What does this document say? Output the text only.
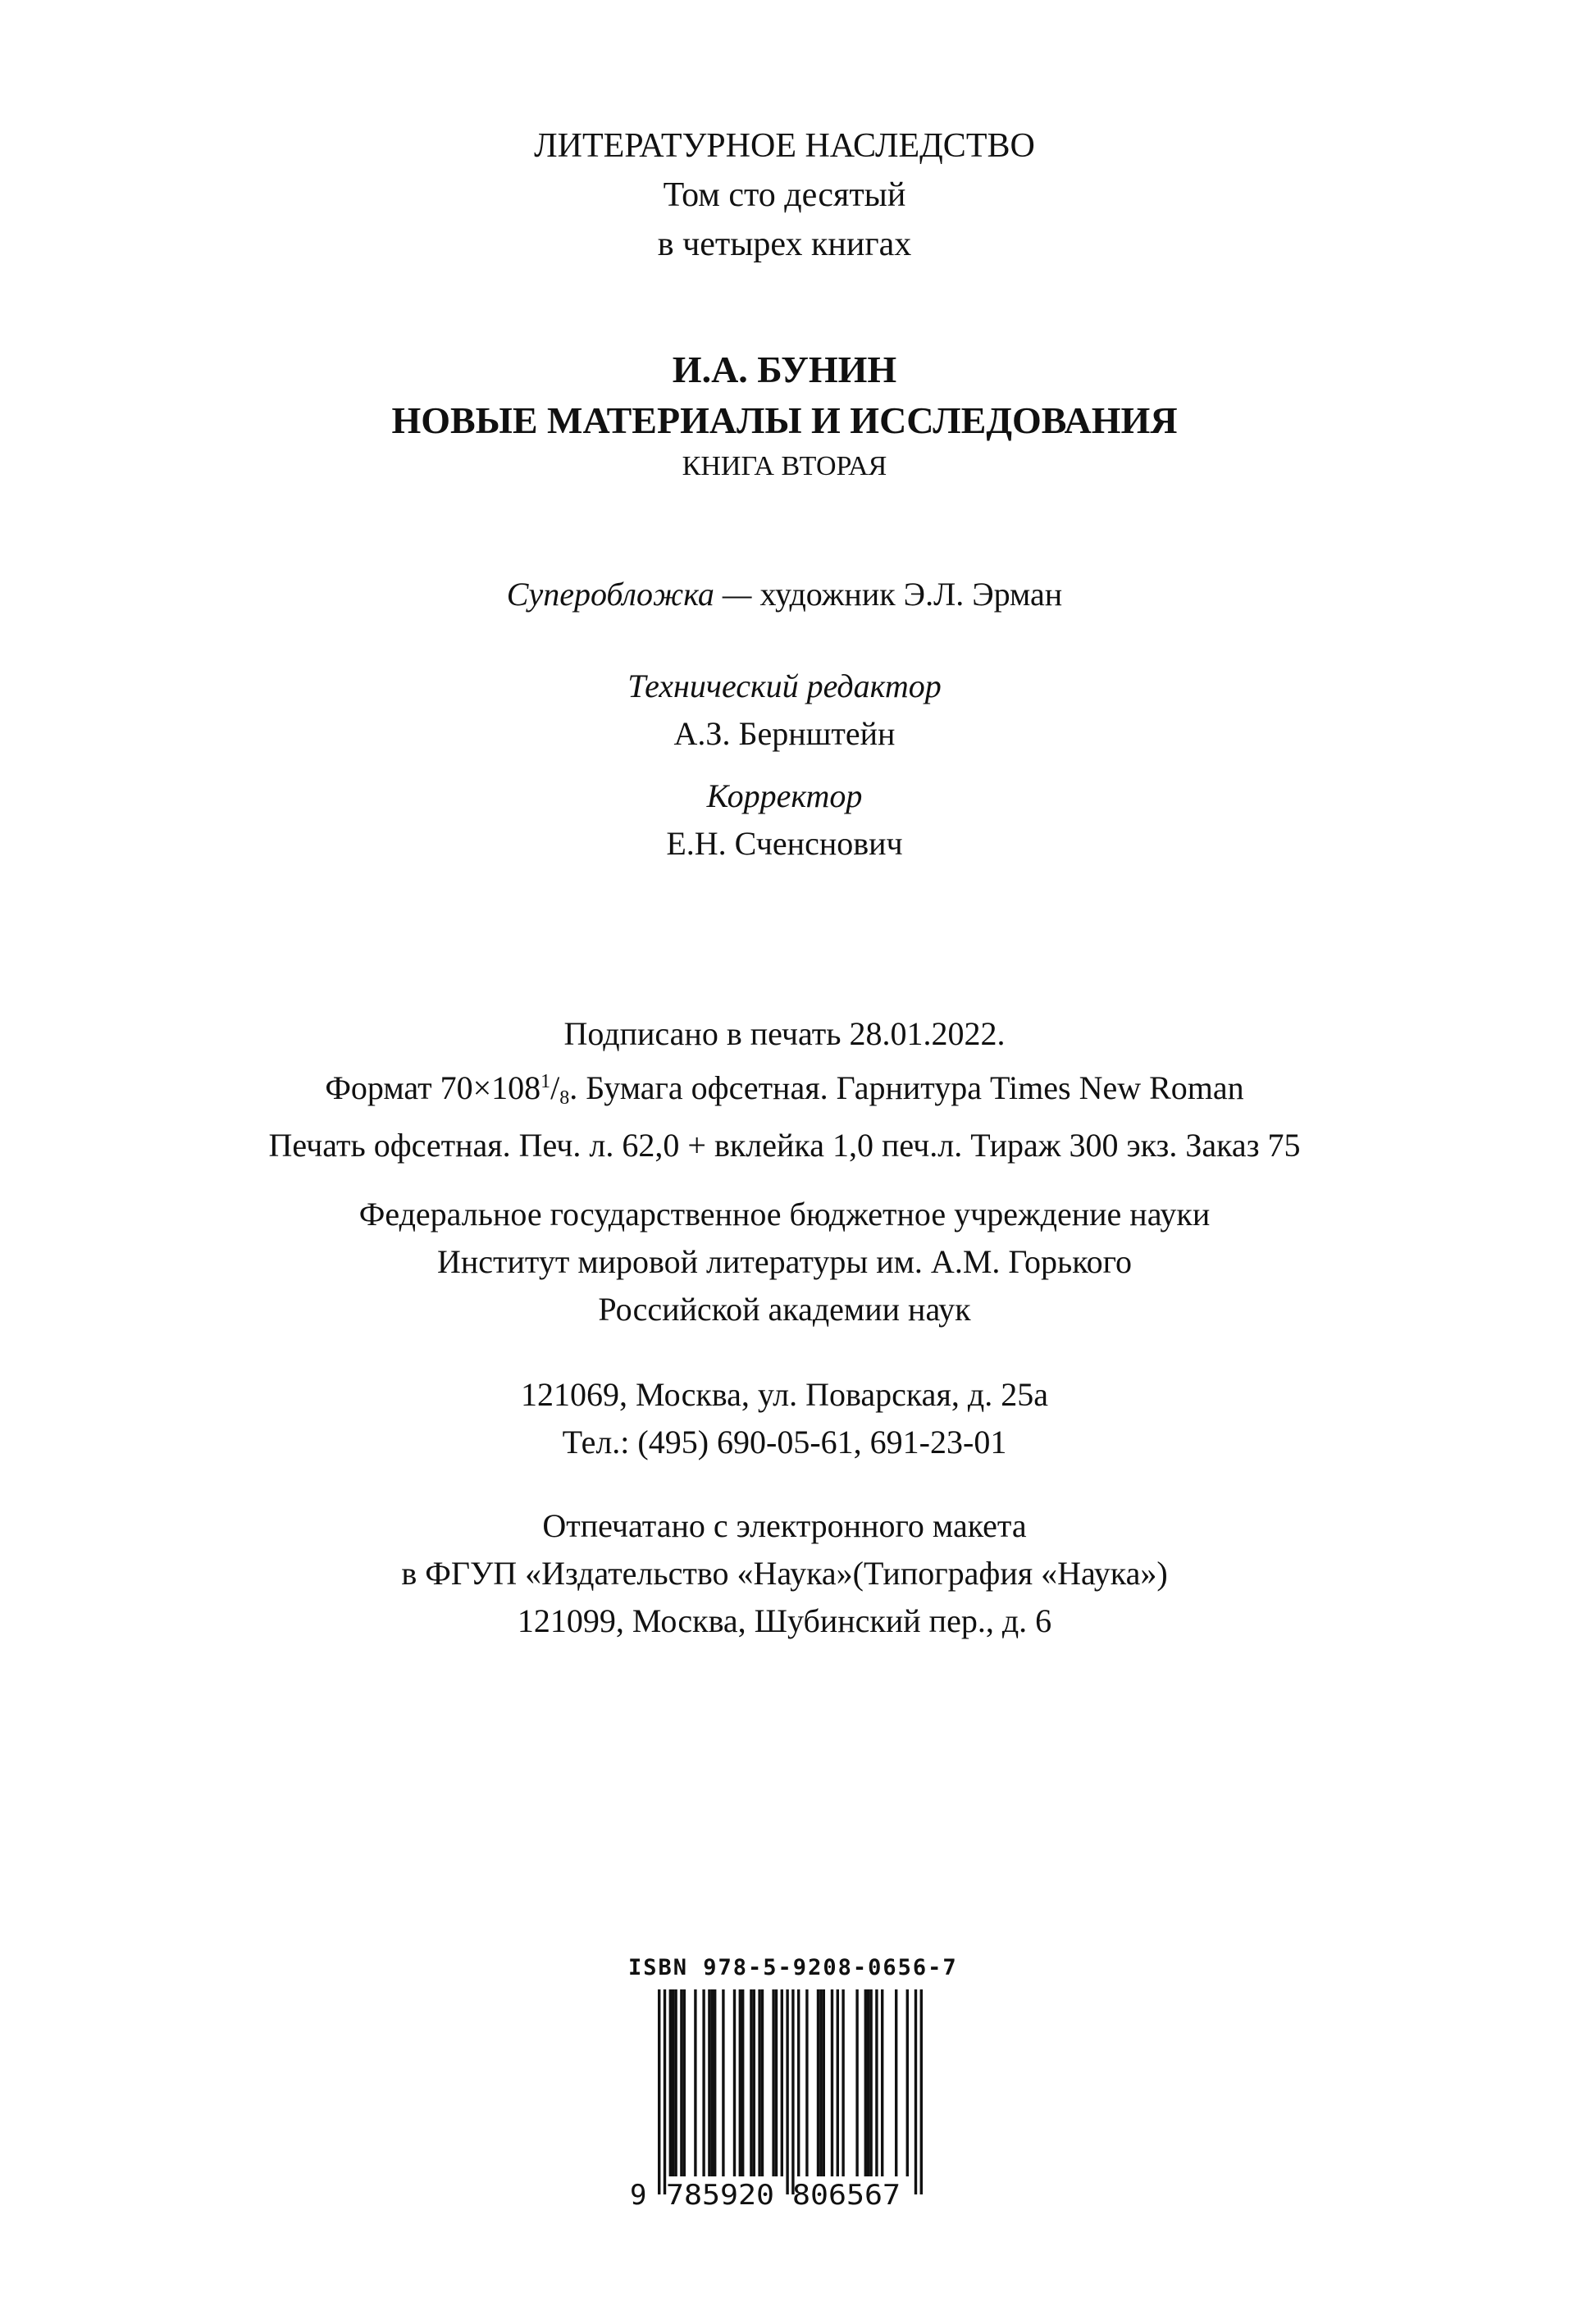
ЛИТЕРАТУРНОЕ НАСЛЕДСТВО
Том сто десятый
в четырех книгах
И.А. БУНИН
НОВЫЕ МАТЕРИАЛЫ И ИССЛЕДОВАНИЯ
КНИГА ВТОРАЯ
Супероблoжка — художник Э.Л. Эрман
Технический редактор
А.З. Бернштейн
Корректор
Е.Н. Сченснович
Подписано в печать 28.01.2022.
Формат $70\times 108^1/_8$. Бумага офсетная. Гарнитура Times New Roman
Печать офсетная. Печ. л. 62,0 + вклейка 1,0 печ.л. Тираж 300 экз. Заказ 75
Федеральное государственное бюджетное учреждение науки
Институт мировой литературы им. А.М. Горького
Российской академии наук
121069, Москва, ул. Поварская, д. 25а
Тел.: (495) 690-05-61, 691-23-01
Отпечатано с электронного макета
в ФГУП «Издательство «Наука»(Типография «Наука»)
121099, Москва, Шубинский пер., д. 6
ISBN 978-5-9208-0656-7
9 785920 806567
